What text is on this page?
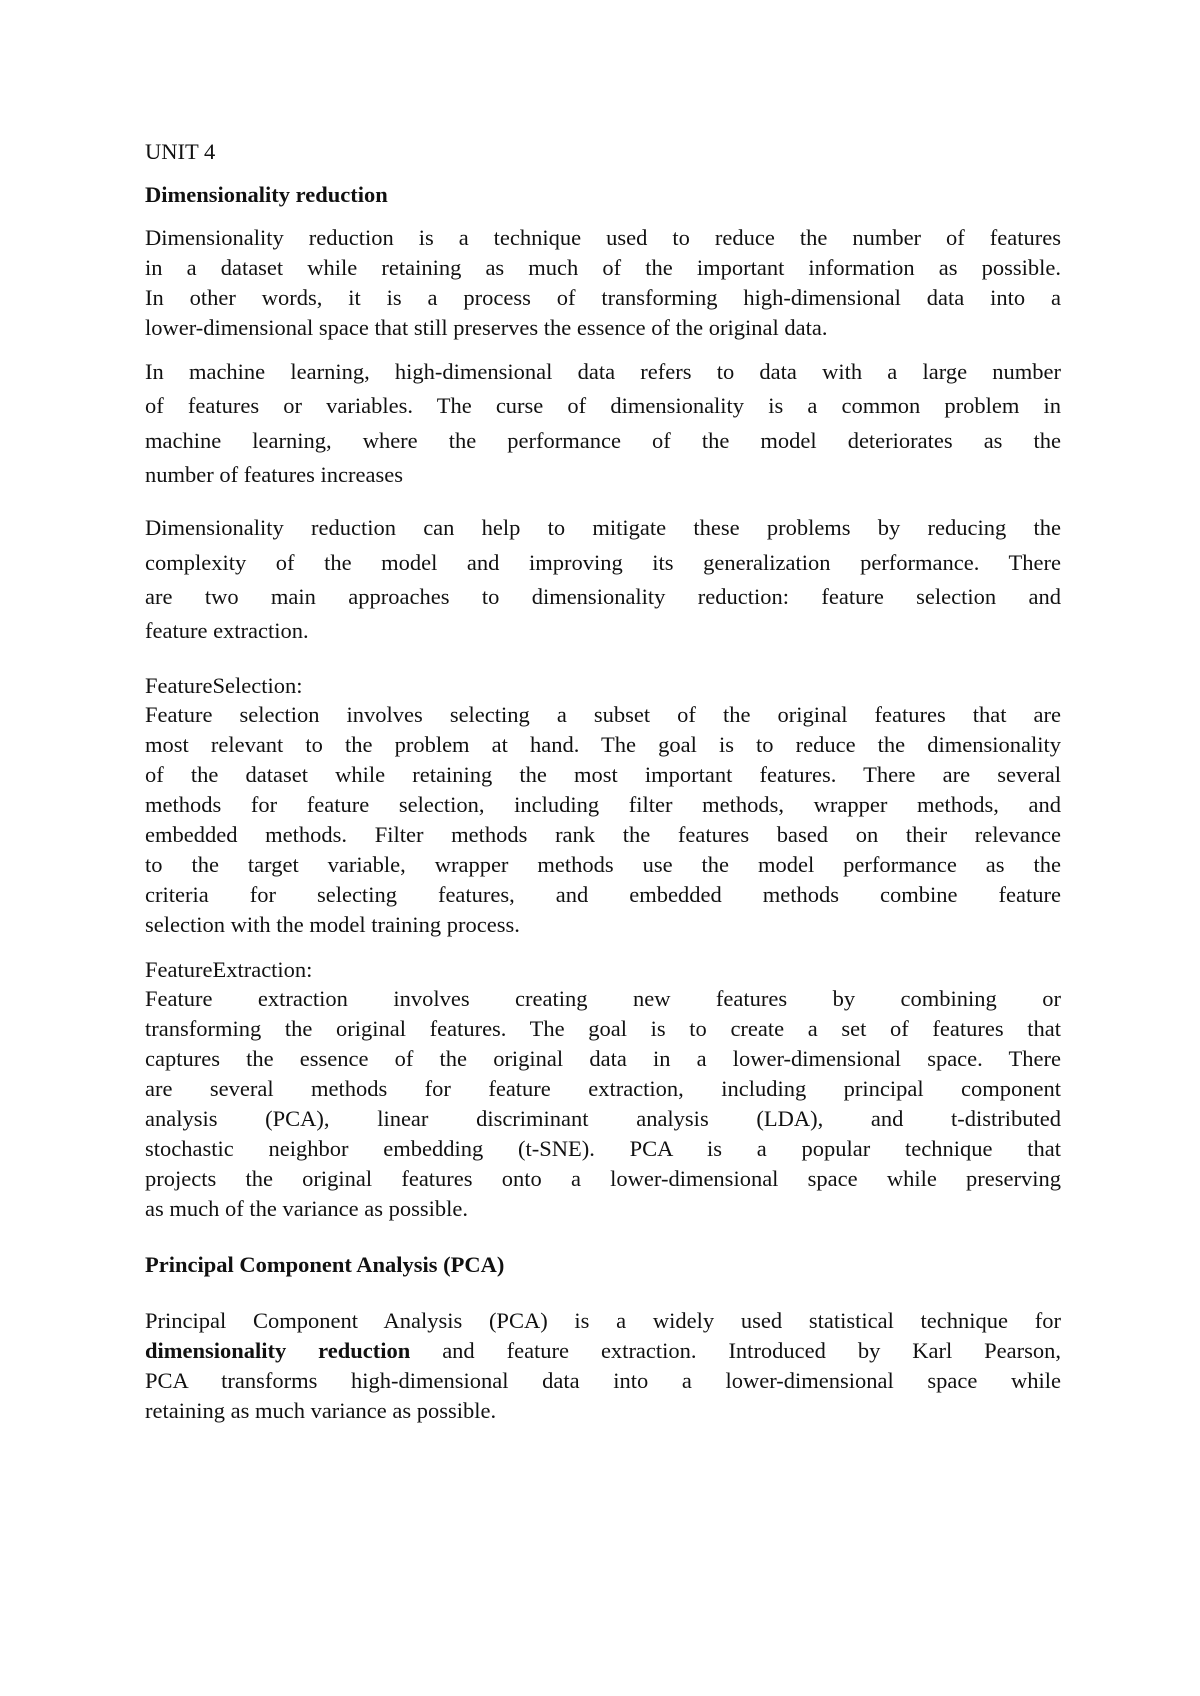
UNIT 4
Dimensionality reduction
Dimensionality reduction is a technique used to reduce the number of features
in a dataset while retaining as much of the important information as possible.
In other words, it is a process of transforming high-dimensional data into a
lower-dimensional space that still preserves the essence of the original data.
In machine learning, high-dimensional data refers to data with a large number
of features or variables. The curse of dimensionality is a common problem in
machine learning, where the performance of the model deteriorates as the
number of features increases
Dimensionality reduction can help to mitigate these problems by reducing the
complexity of the model and improving its generalization performance. There
are two main approaches to dimensionality reduction: feature selection and
feature extraction.
FeatureSelection:
Feature selection involves selecting a subset of the original features that are
most relevant to the problem at hand. The goal is to reduce the dimensionality
of the dataset while retaining the most important features. There are several
methods for feature selection, including filter methods, wrapper methods, and
embedded methods. Filter methods rank the features based on their relevance
to the target variable, wrapper methods use the model performance as the
criteria for selecting features, and embedded methods combine feature
selection with the model training process.
FeatureExtraction:
Feature extraction involves creating new features by combining or
transforming the original features. The goal is to create a set of features that
captures the essence of the original data in a lower-dimensional space. There
are several methods for feature extraction, including principal component
analysis (PCA), linear discriminant analysis (LDA), and t-distributed
stochastic neighbor embedding (t-SNE). PCA is a popular technique that
projects the original features onto a lower-dimensional space while preserving
as much of the variance as possible.
Principal Component Analysis (PCA)
Principal Component Analysis (PCA) is a widely used statistical technique for
dimensionality reduction and feature extraction. Introduced by Karl Pearson,
PCA transforms high-dimensional data into a lower-dimensional space while
retaining as much variance as possible.
